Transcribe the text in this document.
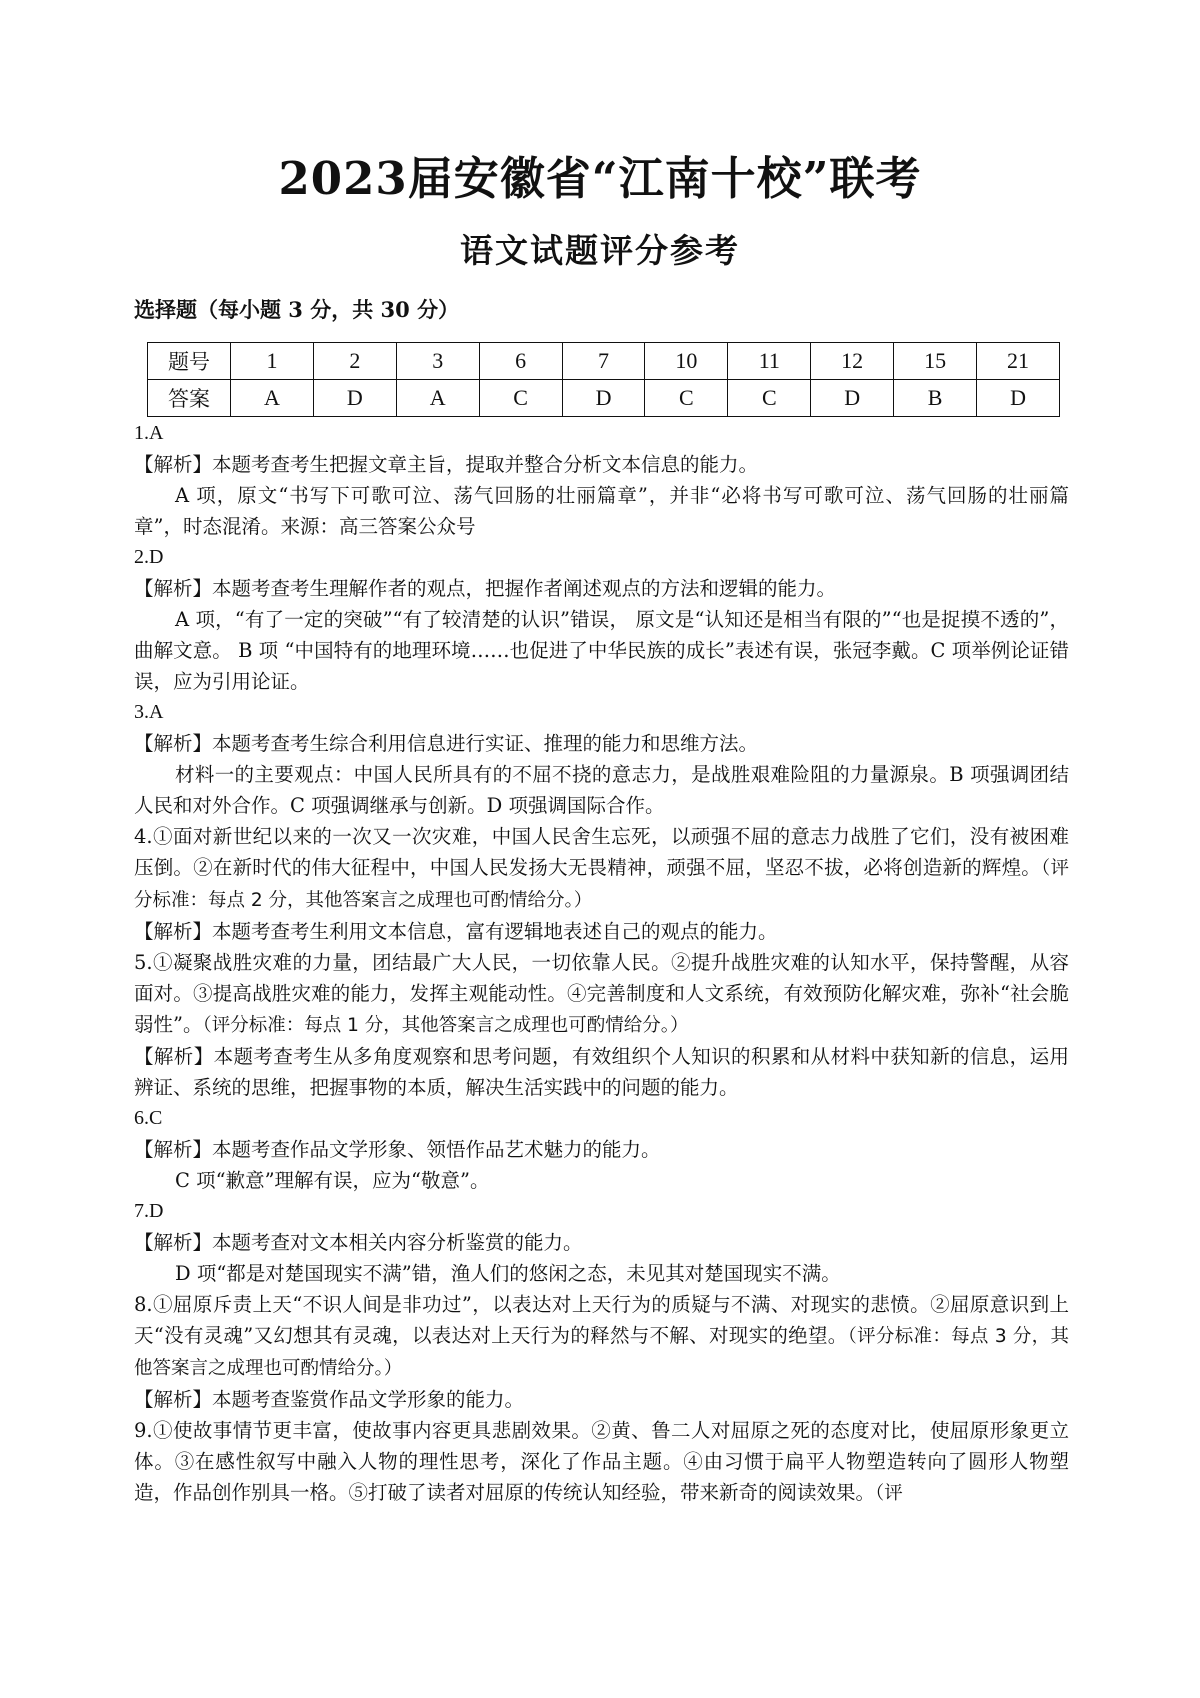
2023届安徽省“江南十校”联考
语文试题评分参考
选择题（每小题 3 分，共 30 分）
题号	1	2	3	6	7	10	11	12	15	21
答案	A	D	A	C	D	C	C	D	B	D

1.A

【解析】本题考查考生把握文章主旨，提取并整合分析文本信息的能力。

A 项，原文“书写下可歌可泣、荡气回肠的壮丽篇章”，并非“必将书写可歌可泣、荡气回肠的壮丽篇章”，时态混淆。来源：高三答案公众号

2.D

【解析】本题考查考生理解作者的观点，把握作者阐述观点的方法和逻辑的能力。

A 项，“有了一定的突破”“有了较清楚的认识”错误， 原文是“认知还是相当有限的”“也是捉摸不透的”， 曲解文意。 B 项 “中国特有的地理环境……也促进了中华民族的成长”表述有误，张冠李戴。C 项举例论证错误，应为引用论证。

3.A

【解析】本题考查考生综合利用信息进行实证、推理的能力和思维方法。

材料一的主要观点：中国人民所具有的不屈不挠的意志力，是战胜艰难险阻的力量源泉。B 项强调团结人民和对外合作。C 项强调继承与创新。D 项强调国际合作。

4.①面对新世纪以来的一次又一次灾难，中国人民舍生忘死，以顽强不屈的意志力战胜了它们，没有被困难压倒。②在新时代的伟大征程中，中国人民发扬大无畏精神，顽强不屈，坚忍不拔，必将创造新的辉煌。（评分标准：每点 2 分，其他答案言之成理也可酌情给分。）

【解析】本题考查考生利用文本信息，富有逻辑地表述自己的观点的能力。

5.①凝聚战胜灾难的力量，团结最广大人民，一切依靠人民。②提升战胜灾难的认知水平，保持警醒，从容面对。③提高战胜灾难的能力，发挥主观能动性。④完善制度和人文系统，有效预防化解灾难，弥补“社会脆弱性”。（评分标准：每点 1 分，其他答案言之成理也可酌情给分。）

【解析】本题考查考生从多角度观察和思考问题，有效组织个人知识的积累和从材料中获知新的信息，运用辨证、系统的思维，把握事物的本质，解决生活实践中的问题的能力。

6.C

【解析】本题考查作品文学形象、领悟作品艺术魅力的能力。

C 项“歉意”理解有误，应为“敬意”。

7.D

【解析】本题考查对文本相关内容分析鉴赏的能力。

D 项“都是对楚国现实不满”错，渔人们的悠闲之态，未见其对楚国现实不满。

8.①屈原斥责上天“不识人间是非功过”，以表达对上天行为的质疑与不满、对现实的悲愤。②屈原意识到上天“没有灵魂”又幻想其有灵魂，以表达对上天行为的释然与不解、对现实的绝望。（评分标准：每点 3 分，其他答案言之成理也可酌情给分。）

【解析】本题考查鉴赏作品文学形象的能力。

9.①使故事情节更丰富，使故事内容更具悲剧效果。②黄、鲁二人对屈原之死的态度对比，使屈原形象更立体。③在感性叙写中融入人物的理性思考，深化了作品主题。④由习惯于扁平人物塑造转向了圆形人物塑造，作品创作别具一格。⑤打破了读者对屈原的传统认知经验，带来新奇的阅读效果。（评
